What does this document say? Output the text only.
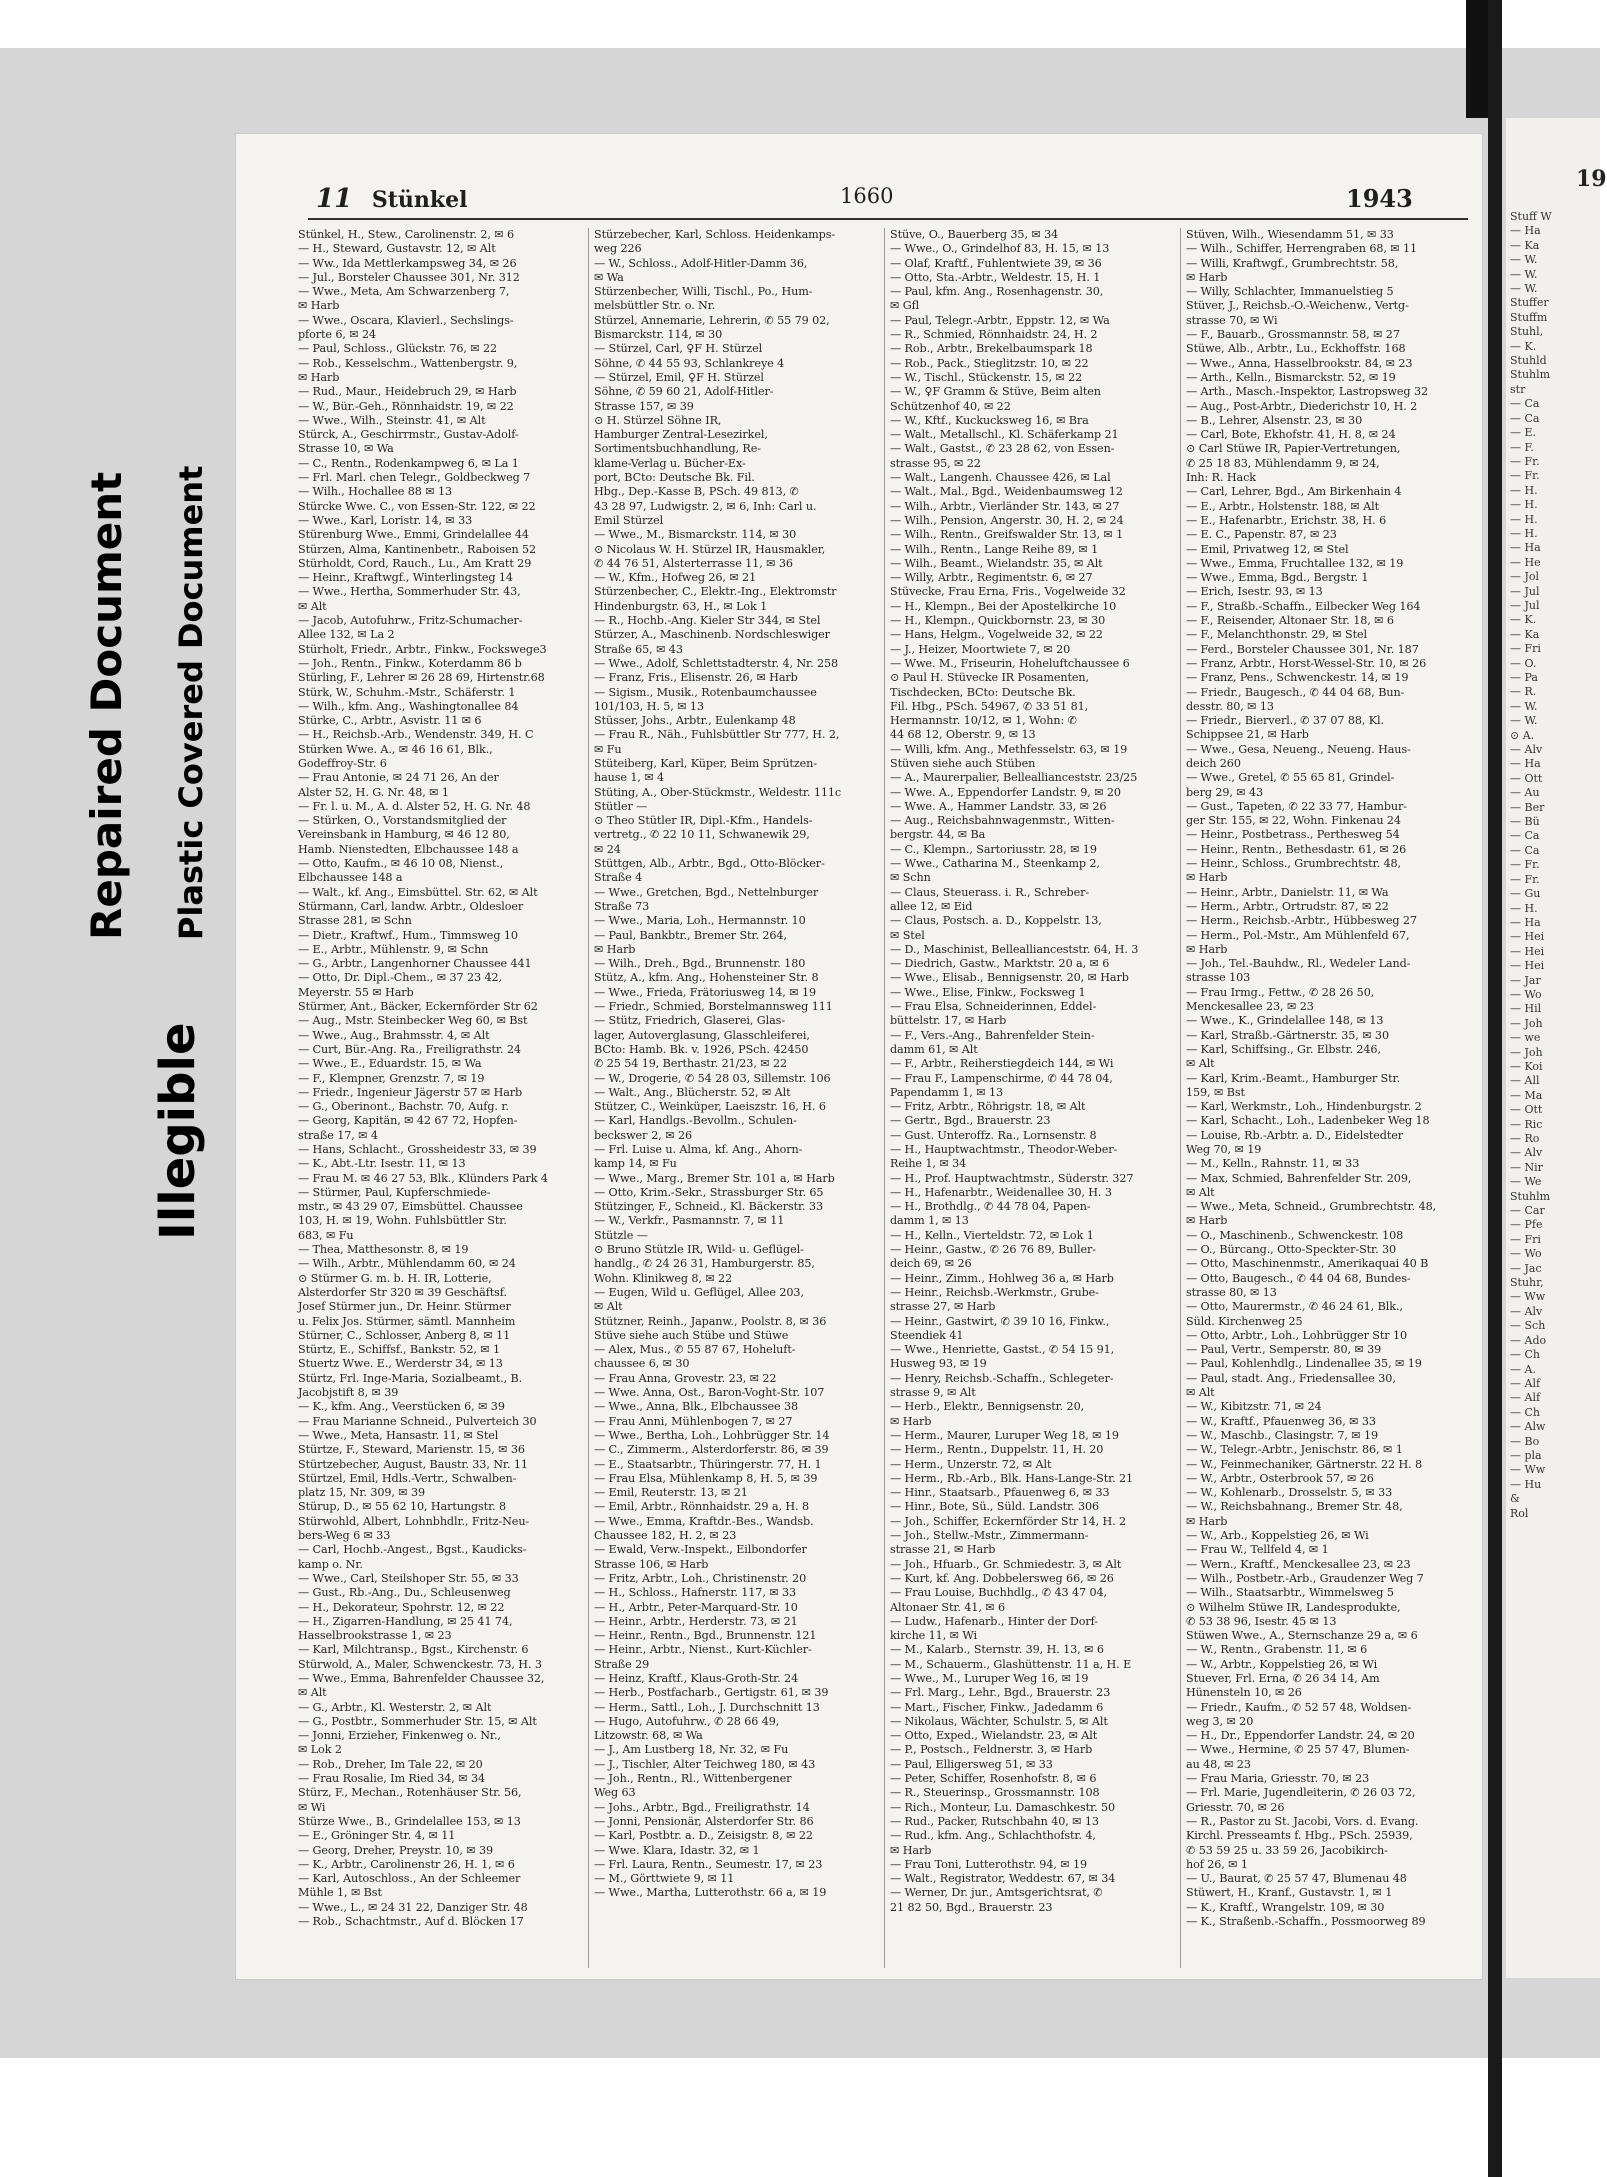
Repaired Document Plastic Covered Document
Illegible
11 Stünkel	1660	1943
Stünkel, H., Stew., Carolinenstr. 2, ✉ 6
— H., Steward, Gustavstr. 12, ✉ Alt
— Ww., Ida Mettlerkampsweg 34, ✉ 26
— Jul., Borsteler Chaussee 301, Nr. 312
— Wwe., Meta, Am Schwarzenberg 7,
✉ Harb
— Wwe., Oscara, Klavierl., Sechslings-
pforte 6, ✉ 24
— Paul, Schloss., Glückstr. 76, ✉ 22
— Rob., Kesselschm., Wattenbergstr. 9,
✉ Harb
— Rud., Maur., Heidebruch 29, ✉ Harb
— W., Bür.-Geh., Rönnhaidstr. 19, ✉ 22
— Wwe., Wilh., Steinstr. 41, ✉ Alt
Stürck, A., Geschirrmstr., Gustav-Adolf-
Strasse 10, ✉ Wa
— C., Rentn., Rodenkampweg 6, ✉ La 1
— Frl. Marl. chen Telegr., Goldbeckweg 7
— Wilh., Hochallee 88 ✉ 13
Stürcke Wwe. C., von Essen-Str. 122, ✉ 22
— Wwe., Karl, Loristr. 14, ✉ 33
Stürenburg Wwe., Emmi, Grindelallee 44
Stürzen, Alma, Kantinenbetr., Raboisen 52
Stürholdt, Cord, Rauch., Lu., Am Kratt 29
— Heinr., Kraftwgf., Winterlingsteg 14
— Wwe., Hertha, Sommerhuder Str. 43,
✉ Alt
— Jacob, Autofuhrw., Fritz-Schumacher-
Allee 132, ✉ La 2
Stürholt, Friedr., Arbtr., Finkw., Fockswege3
— Joh., Rentn., Finkw., Koterdamm 86 b
Stürling, F., Lehrer ✉ 26 28 69, Hirtenstr.68
Stürk, W., Schuhm.-Mstr., Schäferstr. 1
— Wilh., kfm. Ang., Washingtonallee 84
Stürke, C., Arbtr., Asvistr. 11 ✉ 6
— H., Reichsb.-Arb., Wendenstr. 349, H. C
Stürken Wwe. A., ✉ 46 16 61, Blk.,
Godeffroy-Str. 6
— Frau Antonie, ✉ 24 71 26, An der
Alster 52, H. G. Nr. 48, ✉ 1
— Fr. l. u. M., A. d. Alster 52, H. G. Nr. 48
— Stürken, O., Vorstandsmitglied der
Vereinsbank in Hamburg, ✉ 46 12 80,
Hamb. Nienstedten, Elbchaussee 148 a
— Otto, Kaufm., ✉ 46 10 08, Nienst.,
Elbchaussee 148 a
— Walt., kf. Ang., Eimsbüttel. Str. 62, ✉ Alt
Stürmann, Carl, landw. Arbtr., Oldesloer
Strasse 281, ✉ Schn
— Dietr., Kraftwf., Hum., Timmsweg 10
— E., Arbtr., Mühlenstr. 9, ✉ Schn
— G., Arbtr., Langenhorner Chaussee 441
— Otto, Dr. Dipl.-Chem., ✉ 37 23 42,
Meyerstr. 55 ✉ Harb
Stürmer, Ant., Bäcker, Eckernförder Str 62
— Aug., Mstr. Steinbecker Weg 60, ✉ Bst
— Wwe., Aug., Brahmsstr. 4, ✉ Alt
— Curt, Bür.-Ang. Ra., Freiligrathstr. 24
— Wwe., E., Eduardstr. 15, ✉ Wa
— F., Klempner, Grenzstr. 7, ✉ 19
— Friedr., Ingenieur Jägerstr 57 ✉ Harb
— G., Oberinont., Bachstr. 70, Aufg. r.
— Georg, Kapitän, ✉ 42 67 72, Hopfen-
straße 17, ✉ 4
— Hans, Schlacht., Grossheidestr 33, ✉ 39
— K., Abt.-Ltr. Isestr. 11, ✉ 13
— Frau M. ✉ 46 27 53, Blk., Klünders Park 4
— Stürmer, Paul, Kupferschmiede-
mstr., ✉ 43 29 07, Eimsbüttel. Chaussee
103, H. ✉ 19, Wohn. Fuhlsbüttler Str.
683, ✉ Fu
— Thea, Matthesonstr. 8, ✉ 19
— Wilh., Arbtr., Mühlendamm 60, ✉ 24
⊙ Stürmer G. m. b. H. IR, Lotterie,
Alsterdorfer Str 320 ✉ 39 Geschäftsf.
Josef Stürmer jun., Dr. Heinr. Stürmer
u. Felix Jos. Stürmer, sämtl. Mannheim
Stürner, C., Schlosser, Anberg 8, ✉ 11
Stürtz, E., Schiffsf., Bankstr. 52, ✉ 1
Stuertz Wwe. E., Werderstr 34, ✉ 13
Stürtz, Frl. Inge-Maria, Sozialbeamt., B.
Jacobjstift 8, ✉ 39
— K., kfm. Ang., Veerstücken 6, ✉ 39
— Frau Marianne Schneid., Pulverteich 30
— Wwe., Meta, Hansastr. 11, ✉ Stel
Stürtze, F., Steward, Marienstr. 15, ✉ 36
Stürtzebecher, August, Baustr. 33, Nr. 11
Stürtzel, Emil, Hdls.-Vertr., Schwalben-
platz 15, Nr. 309, ✉ 39
Stürup, D., ✉ 55 62 10, Hartungstr. 8
Stürwohld, Albert, Lohnbhdlr., Fritz-Neu-
bers-Weg 6 ✉ 33
— Carl, Hochb.-Angest., Bgst., Kaudicks-
kamp o. Nr.
— Wwe., Carl, Steilshoper Str. 55, ✉ 33
— Gust., Rb.-Ang., Du., Schleusenweg
— H., Dekorateur, Spohrstr. 12, ✉ 22
— H., Zigarren-Handlung, ✉ 25 41 74,
Hasselbrookstrasse 1, ✉ 23
— Karl, Milchtransp., Bgst., Kirchenstr. 6
Stürwold, A., Maler, Schwenckestr. 73, H. 3
— Wwe., Emma, Bahrenfelder Chaussee 32,
✉ Alt
— G., Arbtr., Kl. Westerstr. 2, ✉ Alt
— G., Postbtr., Sommerhuder Str. 15, ✉ Alt
— Jonni, Erzieher, Finkenweg o. Nr.,
✉ Lok 2
— Rob., Dreher, Im Tale 22, ✉ 20
— Frau Rosalie, Im Ried 34, ✉ 34
Stürz, F., Mechan., Rotenhäuser Str. 56,
✉ Wi
Stürze Wwe., B., Grindelallee 153, ✉ 13
— E., Gröninger Str. 4, ✉ 11
— Georg, Dreher, Preystr. 10, ✉ 39
— K., Arbtr., Carolinenstr 26, H. 1, ✉ 6
— Karl, Autoschloss., An der Schleemer
Mühle 1, ✉ Bst
— Wwe., L., ✉ 24 31 22, Danziger Str. 48
— Rob., Schachtmstr., Auf d. Blöcken 17
Stürzebecher, Karl, Schloss. Heidenkamps-
weg 226
— W., Schloss., Adolf-Hitler-Damm 36,
✉ Wa
Stürzenbecher, Willi, Tischl., Po., Hum-
melsbüttler Str. o. Nr.
Stürzel, Annemarie, Lehrerin, ✆ 55 79 02,
Bismarckstr. 114, ✉ 30
— Stürzel, Carl, ♀F H. Stürzel
Söhne, ✆ 44 55 93, Schlankreye 4
— Stürzel, Emil, ♀F H. Stürzel
Söhne, ✆ 59 60 21, Adolf-Hitler-
Strasse 157, ✉ 39
⊙ H. Stürzel Söhne IR,
Hamburger Zentral-Lesezirkel,
Sortimentsbuchhandlung, Re-
klame-Verlag u. Bücher-Ex-
port, BCto: Deutsche Bk. Fil.
Hbg., Dep.-Kasse B, PSch. 49 813, ✆
43 28 97, Ludwigstr. 2, ✉ 6, Inh: Carl u.
Emil Stürzel
— Wwe., M., Bismarckstr. 114, ✉ 30
⊙ Nicolaus W. H. Stürzel IR, Hausmakler,
✆ 44 76 51, Alsterterrasse 11, ✉ 36
— W., Kfm., Hofweg 26, ✉ 21
Stürzenbecher, C., Elektr.-Ing., Elektromstr
Hindenburgstr. 63, H., ✉ Lok 1
— R., Hochb.-Ang. Kieler Str 344, ✉ Stel
Stürzer, A., Maschinenb. Nordschleswiger
Straße 65, ✉ 43
— Wwe., Adolf, Schlettstadterstr. 4, Nr. 258
— Franz, Fris., Elisenstr. 26, ✉ Harb
— Sigism., Musik., Rotenbaumchaussee
101/103, H. 5, ✉ 13
Stüsser, Johs., Arbtr., Eulenkamp 48
— Frau R., Näh., Fuhlsbüttler Str 777, H. 2,
✉ Fu
Stüteiberg, Karl, Küper, Beim Sprützen-
hause 1, ✉ 4
Stüting, A., Ober-Stückmstr., Weldestr. 111c
Stütler —
⊙ Theo Stütler IR, Dipl.-Kfm., Handels-
vertretg., ✆ 22 10 11, Schwanewik 29,
✉ 24
Stüttgen, Alb., Arbtr., Bgd., Otto-Blöcker-
Straße 4
— Wwe., Gretchen, Bgd., Nettelnburger
Straße 73
— Wwe., Maria, Loh., Hermannstr. 10
— Paul, Bankbtr., Bremer Str. 264,
✉ Harb
— Wilh., Dreh., Bgd., Brunnenstr. 180
Stütz, A., kfm. Ang., Hohensteiner Str. 8
— Wwe., Frieda, Frätoriusweg 14, ✉ 19
— Friedr., Schmied, Borstelmannsweg 111
— Stütz, Friedrich, Glaserei, Glas-
lager, Autoverglasung, Glasschleiferei,
BCto: Hamb. Bk. v. 1926, PSch. 42450
✆ 25 54 19, Berthastr. 21/23, ✉ 22
— W., Drogerie, ✆ 54 28 03, Sillemstr. 106
— Walt., Ang., Blücherstr. 52, ✉ Alt
Stützer, C., Weinküper, Laeiszstr. 16, H. 6
— Karl, Handlgs.-Bevollm., Schulen-
beckswег 2, ✉ 26
— Frl. Luise u. Alma, kf. Ang., Ahorn-
kamp 14, ✉ Fu
— Wwe., Marg., Bremer Str. 101 a, ✉ Harb
— Otto, Krim.-Sekr., Strassburger Str. 65
Stützinger, F., Schneid., Kl. Bäckerstr. 33
— W., Verkfr., Pasmannstr. 7, ✉ 11
Stützle —
⊙ Bruno Stützle IR, Wild- u. Geflügel-
handlg., ✆ 24 26 31, Hamburgerstr. 85,
Wohn. Klinikweg 8, ✉ 22
— Eugen, Wild u. Geflügel, Allee 203,
✉ Alt
Stützner, Reinh., Japanw., Poolstr. 8, ✉ 36
Stüve siehe auch Stübe und Stüwe
— Alex, Mus., ✆ 55 87 67, Hoheluft-
chaussee 6, ✉ 30
— Frau Anna, Grovestr. 23, ✉ 22
— Wwe. Anna, Ost., Baron-Voght-Str. 107
— Wwe., Anna, Blk., Elbchaussee 38
— Frau Anni, Mühlenbogen 7, ✉ 27
— Wwe., Bertha, Loh., Lohbrügger Str. 14
— C., Zimmerm., Alsterdorferstr. 86, ✉ 39
— E., Staatsarbtr., Thüringerstr. 77, H. 1
— Frau Elsa, Mühlenkamp 8, H. 5, ✉ 39
— Emil, Reuterstr. 13, ✉ 21
— Emil, Arbtr., Rönnhaidstr. 29 a, H. 8
— Wwe., Emma, Kraftdr.-Bes., Wandsb.
Chaussee 182, H. 2, ✉ 23
— Ewald, Verw.-Inspekt., Eilbondorfer
Strasse 106, ✉ Harb
— Fritz, Arbtr., Loh., Christinenstr. 20
— H., Schloss., Hafnerstr. 117, ✉ 33
— H., Arbtr., Peter-Marquard-Str. 10
— Heinr., Arbtr., Herderstr. 73, ✉ 21
— Heinr., Rentn., Bgd., Brunnenstr. 121
— Heinr., Arbtr., Nienst., Kurt-Küchler-
Straße 29
— Heinz, Kraftf., Klaus-Groth-Str. 24
— Herb., Postfacharb., Gertigstr. 61, ✉ 39
— Herm., Sattl., Loh., J. Durchschnitt 13
— Hugo, Autofuhrw., ✆ 28 66 49,
Litzowstr. 68, ✉ Wa
— J., Am Lustberg 18, Nr. 32, ✉ Fu
— J., Tischler, Alter Teichweg 180, ✉ 43
— Joh., Rentn., Rl., Wittenbergener
Weg 63
— Johs., Arbtr., Bgd., Freiligrathstr. 14
— Jonni, Pensionär, Alsterdorfer Str. 86
— Karl, Postbtr. a. D., Zeisigstr. 8, ✉ 22
— Wwe. Klara, Idastr. 32, ✉ 1
— Frl. Laura, Rentn., Seumestr. 17, ✉ 23
— M., Görttwiete 9, ✉ 11
— Wwe., Martha, Lutterothstr. 66 a, ✉ 19
Stüve, O., Bauerberg 35, ✉ 34
— Wwe., O., Grindelhof 83, H. 15, ✉ 13
— Olaf, Kraftf., Fuhlentwiete 39, ✉ 36
— Otto, Sta.-Arbtr., Weldestr. 15, H. 1
— Paul, kfm. Ang., Rosenhagenstr. 30,
✉ Gfl
— Paul, Telegr.-Arbtr., Eppstr. 12, ✉ Wa
— R., Schmied, Rönnhaidstr. 24, H. 2
— Rob., Arbtr., Brekelbaumspark 18
— Rob., Pack., Stieglitzstr. 10, ✉ 22
— W., Tischl., Stückenstr. 15, ✉ 22
— W., ♀F Gramm & Stüve, Beim alten
Schützenhof 40, ✉ 22
— W., Kftf., Kuckucksweg 16, ✉ Bra
— Walt., Metallschl., Kl. Schäferkamp 21
— Walt., Gastst., ✆ 23 28 62, von Essen-
strasse 95, ✉ 22
— Walt., Langenh. Chaussee 426, ✉ Lal
— Walt., Mal., Bgd., Weidenbaumsweg 12
— Wilh., Arbtr., Vierländer Str. 143, ✉ 27
— Wilh., Pension, Angerstr. 30, H. 2, ✉ 24
— Wilh., Rentn., Greifswalder Str. 13, ✉ 1
— Wilh., Rentn., Lange Reihe 89, ✉ 1
— Wilh., Beamt., Wielandstr. 35, ✉ Alt
— Willy, Arbtr., Regimentstr. 6, ✉ 27
Stüvecke, Frau Erna, Fris., Vogelweide 32
— H., Klempn., Bei der Apostelkirche 10
— H., Klempn., Quickbornstr. 23, ✉ 30
— Hans, Helgm., Vogelweide 32, ✉ 22
— J., Heizer, Moortwiete 7, ✉ 20
— Wwe. M., Friseurin, Hoheluftchaussee 6
⊙ Paul H. Stüvecke IR Posamenten,
Tischdecken, BCto: Deutsche Bk.
Fil. Hbg., PSch. 54967, ✆ 33 51 81,
Hermannstr. 10/12, ✉ 1, Wohn: ✆
44 68 12, Oberstr. 9, ✉ 13
— Willi, kfm. Ang., Methfesselstr. 63, ✉ 19
Stüven siehe auch Stüben
— A., Maurerpalier, Belleallianceststr. 23/25
— Wwe. A., Eppendorfer Landstr. 9, ✉ 20
— Wwe. A., Hammer Landstr. 33, ✉ 26
— Aug., Reichsbahnwagenmstr., Witten-
bergstr. 44, ✉ Ba
— C., Klempn., Sartoriusstr. 28, ✉ 19
— Wwe., Catharina M., Steenkamp 2,
✉ Schn
— Claus, Steuerass. i. R., Schreber-
allee 12, ✉ Eid
— Claus, Postsch. a. D., Koppelstr. 13,
✉ Stel
— D., Maschinist, Belleallianceststr. 64, H. 3
— Diedrich, Gastw., Marktstr. 20 a, ✉ 6
— Wwe., Elisab., Bennigsenstr. 20, ✉ Harb
— Wwe., Elise, Finkw., Focksweg 1
— Frau Elsa, Schneiderinnen, Eddel-
büttelstr. 17, ✉ Harb
— F., Vers.-Ang., Bahrenfelder Stein-
damm 61, ✉ Alt
— F., Arbtr., Reiherstiegdeich 144, ✉ Wi
— Frau F., Lampenschirme, ✆ 44 78 04,
Papendamm 1, ✉ 13
— Fritz, Arbtr., Röhrigstr. 18, ✉ Alt
— Gertr., Bgd., Brauerstr. 23
— Gust. Unteroffz. Ra., Lornsenstr. 8
— H., Hauptwachtmstr., Theodor-Weber-
Reihe 1, ✉ 34
— H., Prof. Hauptwachtmstr., Süderstr. 327
— H., Hafenarbtr., Weidenallee 30, H. 3
— H., Brothdlg., ✆ 44 78 04, Papen-
damm 1, ✉ 13
— H., Kelln., Vierteldstr. 72, ✉ Lok 1
— Heinr., Gastw., ✆ 26 76 89, Buller-
deich 69, ✉ 26
— Heinr., Zimm., Hohlweg 36 a, ✉ Harb
— Heinr., Reichsb.-Werkmstr., Grube-
strasse 27, ✉ Harb
— Heinr., Gastwirt, ✆ 39 10 16, Finkw.,
Steendiek 41
— Wwe., Henriette, Gastst., ✆ 54 15 91,
Husweg 93, ✉ 19
— Henry, Reichsb.-Schaffn., Schlegeter-
strasse 9, ✉ Alt
— Herb., Elektr., Bennigsenstr. 20,
✉ Harb
— Herm., Maurer, Luruper Weg 18, ✉ 19
— Herm., Rentn., Duppelstr. 11, H. 20
— Herm., Unzerstr. 72, ✉ Alt
— Herm., Rb.-Arb., Blk. Hans-Lange-Str. 21
— Hinr., Staatsarb., Pfauenweg 6, ✉ 33
— Hinr., Bote, Sü., Süld. Landstr. 306
— Joh., Schiffer, Eckernförder Str 14, H. 2
— Joh., Stellw.-Mstr., Zimmermann-
strasse 21, ✉ Harb
— Joh., Hfuarb., Gr. Schmiedestr. 3, ✉ Alt
— Kurt, kf. Ang. Dobbelersweg 66, ✉ 26
— Frau Louise, Buchhdlg., ✆ 43 47 04,
Altonaer Str. 41, ✉ 6
— Ludw., Hafenarb., Hinter der Dorf-
kirche 11, ✉ Wi
— M., Kalarb., Sternstr. 39, H. 13, ✉ 6
— M., Schauerm., Glashüttenstr. 11 a, H. E
— Wwe., M., Luruper Weg 16, ✉ 19
— Frl. Marg., Lehr., Bgd., Brauerstr. 23
— Mart., Fischer, Finkw., Jadedamm 6
— Nikolaus, Wächter, Schulstr. 5, ✉ Alt
— Otto, Exped., Wielandstr. 23, ✉ Alt
— P., Postsch., Feldnerstr. 3, ✉ Harb
— Paul, Elligersweg 51, ✉ 33
— Peter, Schiffer, Rosenhofstr. 8, ✉ 6
— R., Steuerinsp., Grossmannstr. 108
— Rich., Monteur, Lu. Damaschkestr. 50
— Rud., Packer, Rutschbahn 40, ✉ 13
— Rud., kfm. Ang., Schlachthofstr. 4,
✉ Harb
— Frau Toni, Lutterothstr. 94, ✉ 19
— Walt., Registrator, Weddestr. 67, ✉ 34
— Werner, Dr. jur., Amtsgerichtsrat, ✆
21 82 50, Bgd., Brauerstr. 23
Stüven, Wilh., Wiesendamm 51, ✉ 33
— Wilh., Schiffer, Herrengraben 68, ✉ 11
— Willi, Kraftwgf., Grumbrechtstr. 58,
✉ Harb
— Willy, Schlachter, Immanuelstieg 5
Stüver, J., Reichsb.-O.-Weichenw., Vertg-
strasse 70, ✉ Wi
— F., Bauarb., Grossmannstr. 58, ✉ 27
Stüwe, Alb., Arbtr., Lu., Eckhoffstr. 168
— Wwe., Anna, Hasselbrookstr. 84, ✉ 23
— Arth., Kelln., Bismarckstr. 52, ✉ 19
— Arth., Masch.-Inspektor, Lastropsweg 32
— Aug., Post-Arbtr., Diederichstr 10, H. 2
— B., Lehrer, Alsenstr. 23, ✉ 30
— Carl, Bote, Ekhofstr. 41, H. 8, ✉ 24
⊙ Carl Stüwe IR, Papier-Vertretungen,
✆ 25 18 83, Mühlendamm 9, ✉ 24,
Inh: R. Hack
— Carl, Lehrer, Bgd., Am Birkenhain 4
— E., Arbtr., Holstenstr. 188, ✉ Alt
— E., Hafenarbtr., Erichstr. 38, H. 6
— E. C., Papenstr. 87, ✉ 23
— Emil, Privatweg 12, ✉ Stel
— Wwe., Emma, Fruchtallee 132, ✉ 19
— Wwe., Emma, Bgd., Bergstr. 1
— Erich, Isestr. 93, ✉ 13
— F., Straßb.-Schaffn., Eilbecker Weg 164
— F., Reisender, Altonaer Str. 18, ✉ 6
— F., Melanchthonstr. 29, ✉ Stel
— Ferd., Borsteler Chaussee 301, Nr. 187
— Franz, Arbtr., Horst-Wessel-Str. 10, ✉ 26
— Franz, Pens., Schwenckestr. 14, ✉ 19
— Friedr., Baugesch., ✆ 44 04 68, Bun-
desstr. 80, ✉ 13
— Friedr., Bierverl., ✆ 37 07 88, Kl.
Schippsee 21, ✉ Harb
— Wwe., Gesa, Neueng., Neueng. Haus-
deich 260
— Wwe., Gretel, ✆ 55 65 81, Grindel-
berg 29, ✉ 43
— Gust., Tapeten, ✆ 22 33 77, Hambur-
ger Str. 155, ✉ 22, Wohn. Finkenau 24
— Heinr., Postbetrass., Perthesweg 54
— Heinr., Rentn., Bethesdastr. 61, ✉ 26
— Heinr., Schloss., Grumbrechtstr. 48,
✉ Harb
— Heinr., Arbtr., Danielstr. 11, ✉ Wa
— Herm., Arbtr., Ortrudstr. 87, ✉ 22
— Herm., Reichsb.-Arbtr., Hübbesweg 27
— Herm., Pol.-Mstr., Am Mühlenfeld 67,
✉ Harb
— Joh., Tel.-Bauhdw., Rl., Wedeler Land-
strasse 103
— Frau Irmg., Fettw., ✆ 28 26 50,
Menckesallee 23, ✉ 23
— Wwe., K., Grindelallee 148, ✉ 13
— Karl, Straßb.-Gärtnerstr. 35, ✉ 30
— Karl, Schiffsing., Gr. Elbstr. 246,
✉ Alt
— Karl, Krim.-Beamt., Hamburger Str.
159, ✉ Bst
— Karl, Werkmstr., Loh., Hindenburgstr. 2
— Karl, Schacht., Loh., Ladenbeker Weg 18
— Louise, Rb.-Arbtr. a. D., Eidelstedter
Weg 70, ✉ 19
— M., Kelln., Rahnstr. 11, ✉ 33
— Max, Schmied, Bahrenfelder Str. 209,
✉ Alt
— Wwe., Meta, Schneid., Grumbrechtstr. 48,
✉ Harb
— O., Maschinenb., Schwenckestr. 108
— O., Bürcang., Otto-Speckter-Str. 30
— Otto, Maschinenmstr., Amerikaquai 40 B
— Otto, Baugesch., ✆ 44 04 68, Bundes-
strasse 80, ✉ 13
— Otto, Maurermstr., ✆ 46 24 61, Blk.,
Süld. Kirchenweg 25
— Otto, Arbtr., Loh., Lohbrügger Str 10
— Paul, Vertr., Semperstr. 80, ✉ 39
— Paul, Kohlenhdlg., Lindenallee 35, ✉ 19
— Paul, stadt. Ang., Friedensallee 30,
✉ Alt
— W., Kibitzstr. 71, ✉ 24
— W., Kraftf., Pfauenweg 36, ✉ 33
— W., Maschb., Clasingstr. 7, ✉ 19
— W., Telegr.-Arbtr., Jenischstr. 86, ✉ 1
— W., Feinmechaniker, Gärtnerstr. 22 H. 8
— W., Arbtr., Osterbrook 57, ✉ 26
— W., Kohlenarb., Drosselstr. 5, ✉ 33
— W., Reichsbahnang., Bremer Str. 48,
✉ Harb
— W., Arb., Koppelstieg 26, ✉ Wi
— Frau W., Tellfeld 4, ✉ 1
— Wern., Kraftf., Menckesallee 23, ✉ 23
— Wilh., Postbetr.-Arb., Graudenzer Weg 7
— Wilh., Staatsarbtr., Wimmelsweg 5
⊙ Wilhelm Stüwe IR, Landesprodukte,
✆ 53 38 96, Isestr. 45 ✉ 13
Stüwen Wwe., A., Sternschanze 29 a, ✉ 6
— W., Rentn., Grabenstr. 11, ✉ 6
— W., Arbtr., Koppelstieg 26, ✉ Wi
Stuever, Frl. Erna, ✆ 26 34 14, Am
Hünensteln 10, ✉ 26
— Friedr., Kaufm., ✆ 52 57 48, Woldsen-
weg 3, ✉ 20
— H., Dr., Eppendorfer Landstr. 24, ✉ 20
— Wwe., Hermine, ✆ 25 57 47, Blumen-
au 48, ✉ 23
— Frau Maria, Griesstr. 70, ✉ 23
— Frl. Marie, Jugendleiterin, ✆ 26 03 72,
Griesstr. 70, ✉ 26
— R., Pastor zu St. Jacobi, Vors. d. Evang.
Kirchl. Presseamts f. Hbg., PSch. 25939,
✆ 53 59 25 u. 33 59 26, Jacobikirch-
hof 26, ✉ 1
— U., Baurat, ✆ 25 57 47, Blumenau 48
Stüwert, H., Kranf., Gustavstr. 1, ✉ 1
— K., Kraftf., Wrangelstr. 109, ✉ 30
— K., Straßenb.-Schaffn., Possmoorweg 89
19
Stuff W
— Ha
— Ka
— W.
— W.
— W.
Stuffer
Stuffm
Stuhl,
— K.
Stuhld
Stuhlm
str
— Ca
— Ca
— E.
— F.
— Fr.
— Fr.
— H.
— H.
— H.
— H.
— Ha
— He
— Jol
— Jul
— Jul
— K.
— Ka
— Fri
— O.
— Pa
— R.
— W.
— W.
⊙ A.
— Alv
— Ha
— Ott
— Au
— Ber
— Bü
— Ca
— Ca
— Fr.
— Fr.
— Gu
— H.
— Ha
— Hei
— Hei
— Hei
— Jar
— Wo
— Hil
— Joh
— we
— Joh
— Koi
— All
— Ma
— Ott
— Ric
— Ro
— Alv
— Nir
— We
Stuhlm
— Car
— Pfe
— Fri
— Wo
— Jac
Stuhr,
— Ww
— Alv
— Sch
— Ado
— Ch
— A.
— Alf
— Alf
— Ch
— Alw
— Bo
— pla
— Ww
— Hu
&
Rol
